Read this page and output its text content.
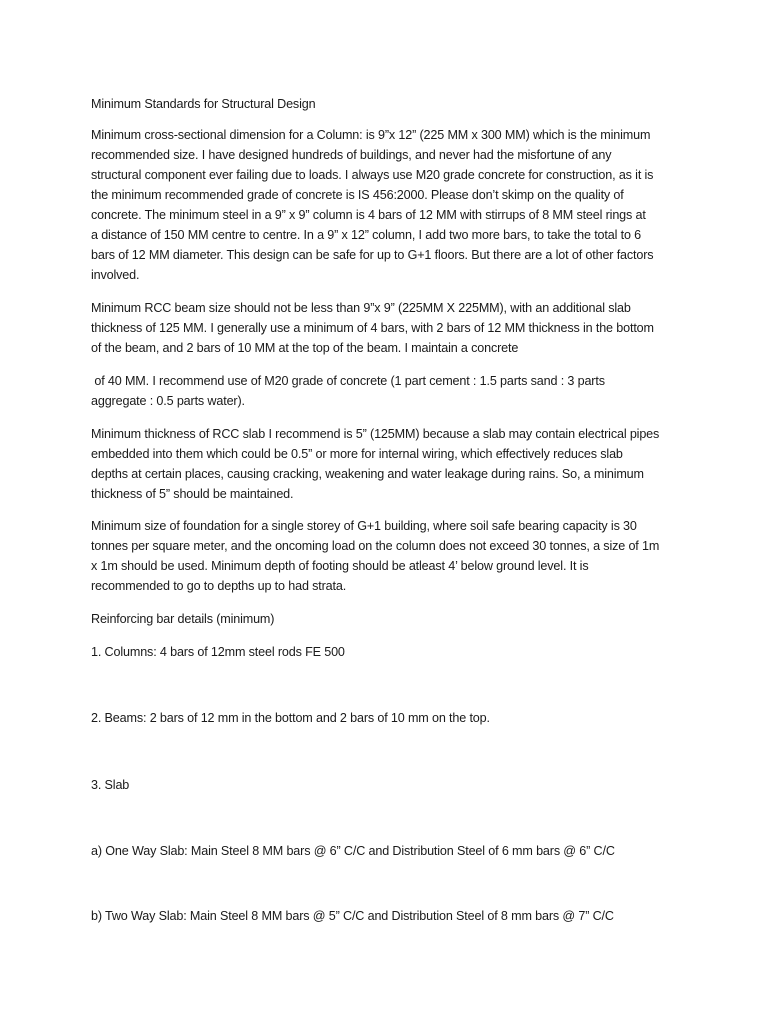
Minimum Standards for Structural Design

Minimum cross-sectional dimension for a Column: is 9”x 12” (225 MM x 300 MM) which is the minimum
recommended size. I have designed hundreds of buildings, and never had the misfortune of any
structural component ever failing due to loads. I always use M20 grade concrete for construction, as it is
the minimum recommended grade of concrete is IS 456:2000. Please don’t skimp on the quality of
concrete. The minimum steel in a 9” x 9” column is 4 bars of 12 MM with stirrups of 8 MM steel rings at
a distance of 150 MM centre to centre. In a 9” x 12” column, I add two more bars, to take the total to 6
bars of 12 MM diameter. This design can be safe for up to G+1 floors. But there are a lot of other factors
involved.

Minimum RCC beam size should not be less than 9”x 9” (225MM X 225MM), with an additional slab
thickness of 125 MM. I generally use a minimum of 4 bars, with 2 bars of 12 MM thickness in the bottom
of the beam, and 2 bars of 10 MM at the top of the beam. I maintain a concrete

of 40 MM. I recommend use of M20 grade of concrete (1 part cement : 1.5 parts sand : 3 parts
aggregate : 0.5 parts water).

Minimum thickness of RCC slab I recommend is 5” (125MM) because a slab may contain electrical pipes
embedded into them which could be 0.5” or more for internal wiring, which effectively reduces slab
depths at certain places, causing cracking, weakening and water leakage during rains. So, a minimum
thickness of 5” should be maintained.

Minimum size of foundation for a single storey of G+1 building, where soil safe bearing capacity is 30
tonnes per square meter, and the oncoming load on the column does not exceed 30 tonnes, a size of 1m
x 1m should be used. Minimum depth of footing should be atleast 4’ below ground level. It is
recommended to go to depths up to had strata.

Reinforcing bar details (minimum)

1. Columns: 4 bars of 12mm steel rods FE 500

2. Beams: 2 bars of 12 mm in the bottom and 2 bars of 10 mm on the top.

3. Slab

a) One Way Slab: Main Steel 8 MM bars @ 6” C/C and Distribution Steel of 6 mm bars @ 6” C/C

b) Two Way Slab: Main Steel 8 MM bars @ 5” C/C and Distribution Steel of 8 mm bars @ 7” C/C
